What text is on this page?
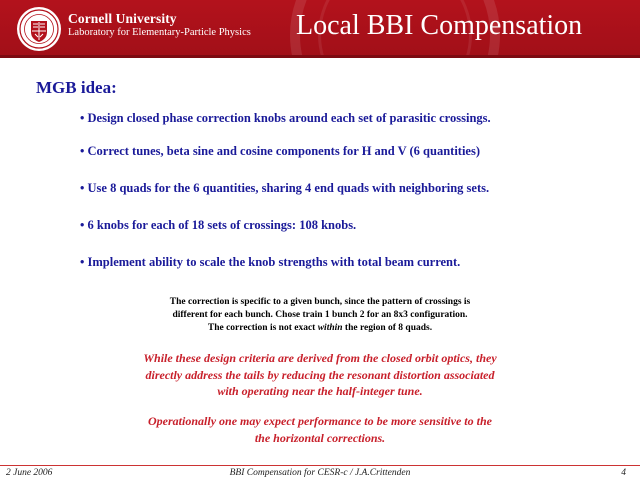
Cornell University
Laboratory for Elementary-Particle Physics Local BBI Compensation
MGB idea:
• Design closed phase correction knobs around each set of parasitic crossings.
• Correct tunes, beta sine and cosine components for H and V (6 quantities)
• Use 8 quads for the 6 quantities, sharing 4 end quads with neighboring sets.
• 6 knobs for each of 18 sets of crossings: 108 knobs.
• Implement ability to scale the knob strengths with total beam current.

The correction is specific to a given bunch, since the pattern of crossings is

different for each bunch. Chose train 1 bunch 2 for an 8x3 configuration.

The correction is not exact within the region of 8 quads.

While these design criteria are derived from the closed orbit optics, they

directly address the tails by reducing the resonant distortion associated

with operating near the half-integer tune.

Operationally one may expect performance to be more sensitive to the

the horizontal corrections.

2 June 2006	BBI Compensation for CESR-c / J.A.Crittenden	4
